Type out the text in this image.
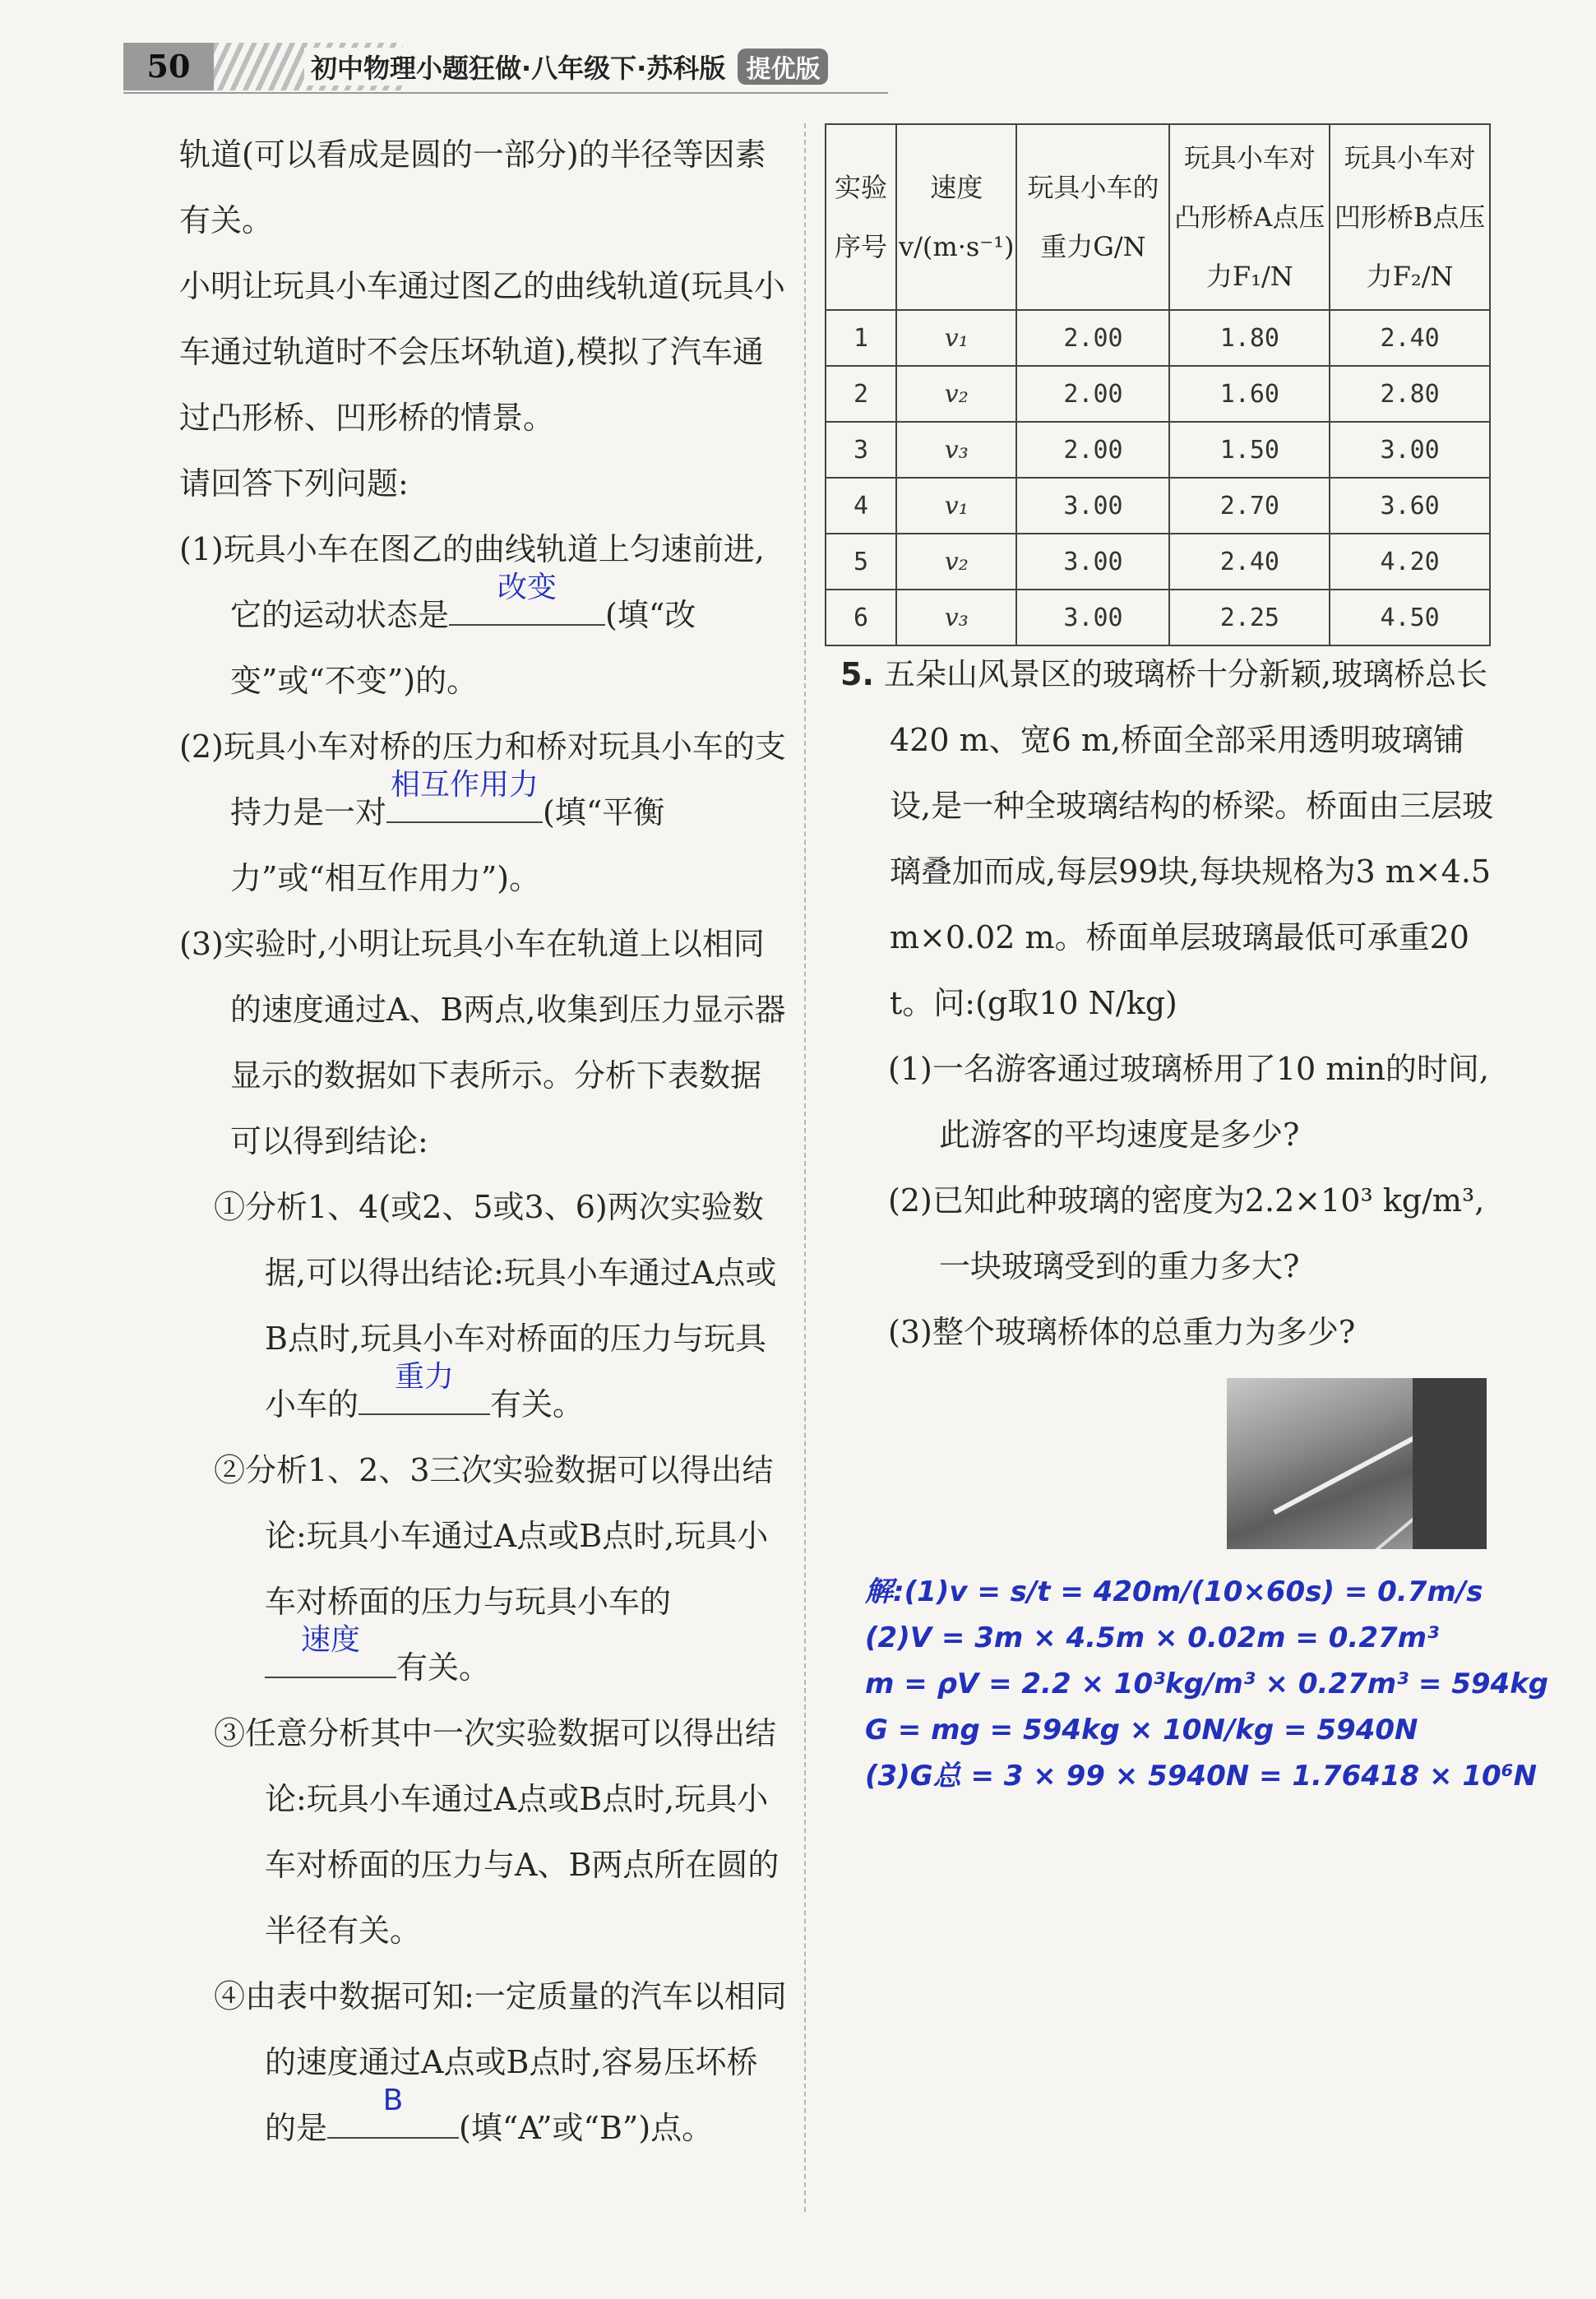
50	初中物理小题狂做·八年级下·苏科版 提优版

轨道(可以看成是圆的一部分)的半径等因素有关。

小明让玩具小车通过图乙的曲线轨道(玩具小车通过轨道时不会压坏轨道),模拟了汽车通过凸形桥、凹形桥的情景。

请回答下列问题:

(1)玩具小车在图乙的曲线轨道上匀速前进,它的运动状态是
改变
(填“改变”或“不变”)的。

(2)玩具小车对桥的压力和桥对玩具小车的支持力是一对
相互作用力
(填“平衡力”或“相互作用力”)。

(3)实验时,小明让玩具小车在轨道上以相同的速度通过A、B两点,收集到压力显示器显示的数据如下表所示。分析下表数据可以得到结论:

①分析1、4(或2、5或3、6)两次实验数据,可以得出结论:玩具小车通过A点或B点时,玩具小车对桥面的压力与玩具小车的
重力
有关。

②分析1、2、3三次实验数据可以得出结论:玩具小车通过A点或B点时,玩具小车对桥面的压力与玩具小车的
速度
有关。

③任意分析其中一次实验数据可以得出结论:玩具小车通过A点或B点时,玩具小车对桥面的压力与A、B两点所在圆的半径有关。

④由表中数据可知:一定质量的汽车以相同的速度通过A点或B点时,容易压坏桥的是
B
(填“A”或“B”)点。

实验序号	速度v/(m·s⁻¹)	玩具小车的重力G/N	玩具小车对凸形桥A点压力F₁/N	玩具小车对凹形桥B点压力F₂/N
1	v₁	2.00	1.80	2.40
2	v₂	2.00	1.60	2.80
3	v₃	2.00	1.50	3.00
4	v₁	3.00	2.70	3.60
5	v₂	3.00	2.40	4.20
6	v₃	3.00	2.25	4.50

5. 五朵山风景区的玻璃桥十分新颖,玻璃桥总长420 m、宽6 m,桥面全部采用透明玻璃铺设,是一种全玻璃结构的桥梁。桥面由三层玻璃叠加而成,每层99块,每块规格为3 m×4.5 m×0.02 m。桥面单层玻璃最低可承重20 t。问:(g取10 N/kg)

(1)一名游客通过玻璃桥用了10 min的时间,此游客的平均速度是多少?

(2)已知此种玻璃的密度为2.2×10³ kg/m³,一块玻璃受到的重力多大?

(3)整个玻璃桥体的总重力为多少?

解:(1)v = s/t = 420m/(10×60s) = 0.7m/s
(2)V = 3m × 4.5m × 0.02m = 0.27m³
m = ρV = 2.2 × 10³kg/m³ × 0.27m³ = 594kg
G = mg = 594kg × 10N/kg = 5940N
(3)G总 = 3 × 99 × 5940N = 1.76418 × 10⁶N
